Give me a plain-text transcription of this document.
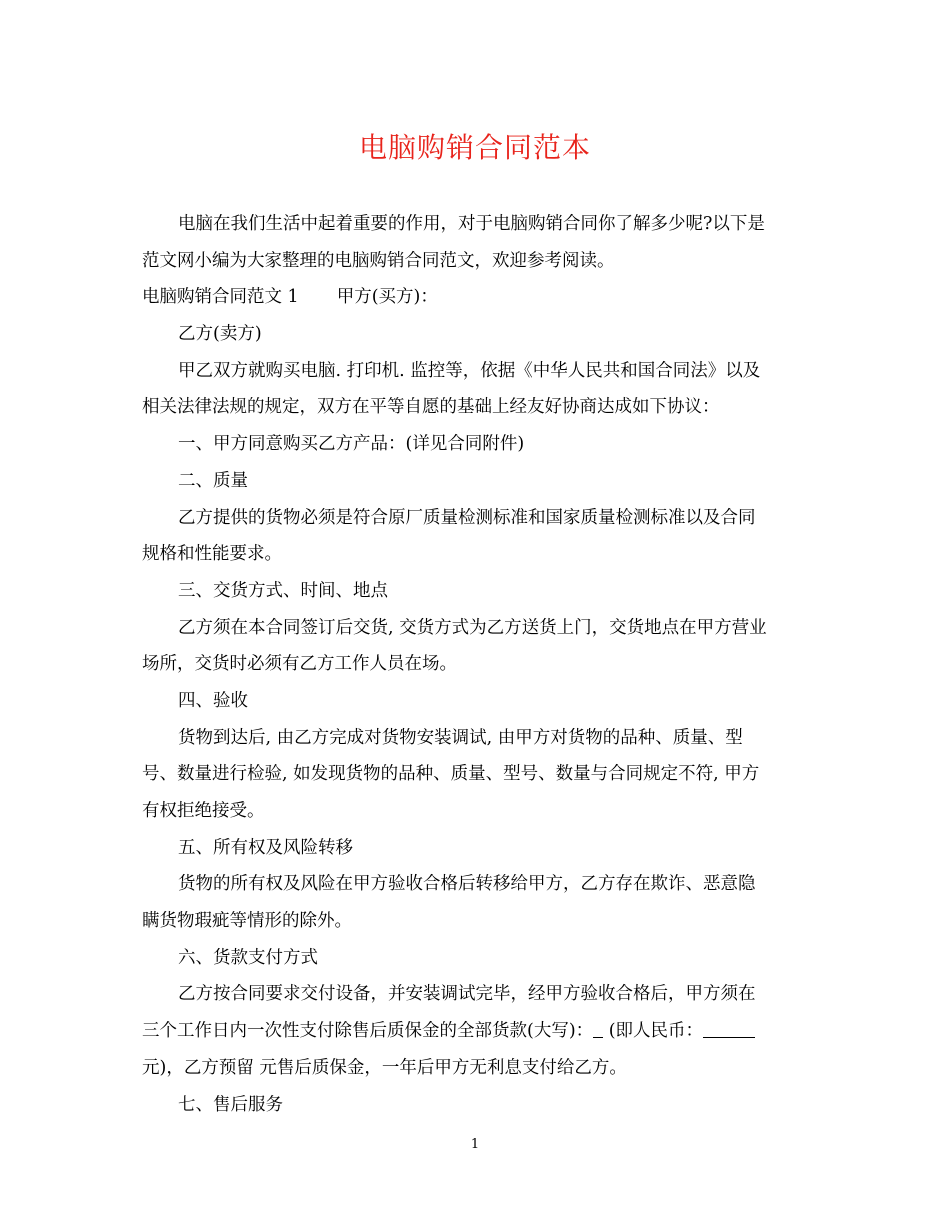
电脑购销合同范本
电脑在我们生活中起着重要的作用，对于电脑购销合同你了解多少呢?以下是
范文网小编为大家整理的电脑购销合同范文，欢迎参考阅读。
电脑购销合同范文 1 甲方(买方)：
乙方(卖方)
甲乙双方就购买电脑. 打印机. 监控等，依据《中华人民共和国合同法》以及
相关法律法规的规定，双方在平等自愿的基础上经友好协商达成如下协议：
一、甲方同意购买乙方产品：(详见合同附件)
二、质量
乙方提供的货物必须是符合原厂质量检测标准和国家质量检测标准以及合同
规格和性能要求。
三、交货方式、时间、地点
乙方须在本合同签订后交货, 交货方式为乙方送货上门，交货地点在甲方营业
场所，交货时必须有乙方工作人员在场。
四、验收
货物到达后, 由乙方完成对货物安装调试, 由甲方对货物的品种、质量、型
号、数量进行检验, 如发现货物的品种、质量、型号、数量与合同规定不符, 甲方
有权拒绝接受。
五、所有权及风险转移
货物的所有权及风险在甲方验收合格后转移给甲方，乙方存在欺诈、恶意隐
瞒货物瑕疵等情形的除外。
六、货款支付方式
乙方按合同要求交付设备，并安装调试完毕，经甲方验收合格后，甲方须在
三个工作日内一次性支付除售后质保金的全部货款(大写)： (即人民币：
元)，乙方预留 元售后质保金，一年后甲方无利息支付给乙方。
七、售后服务
1
